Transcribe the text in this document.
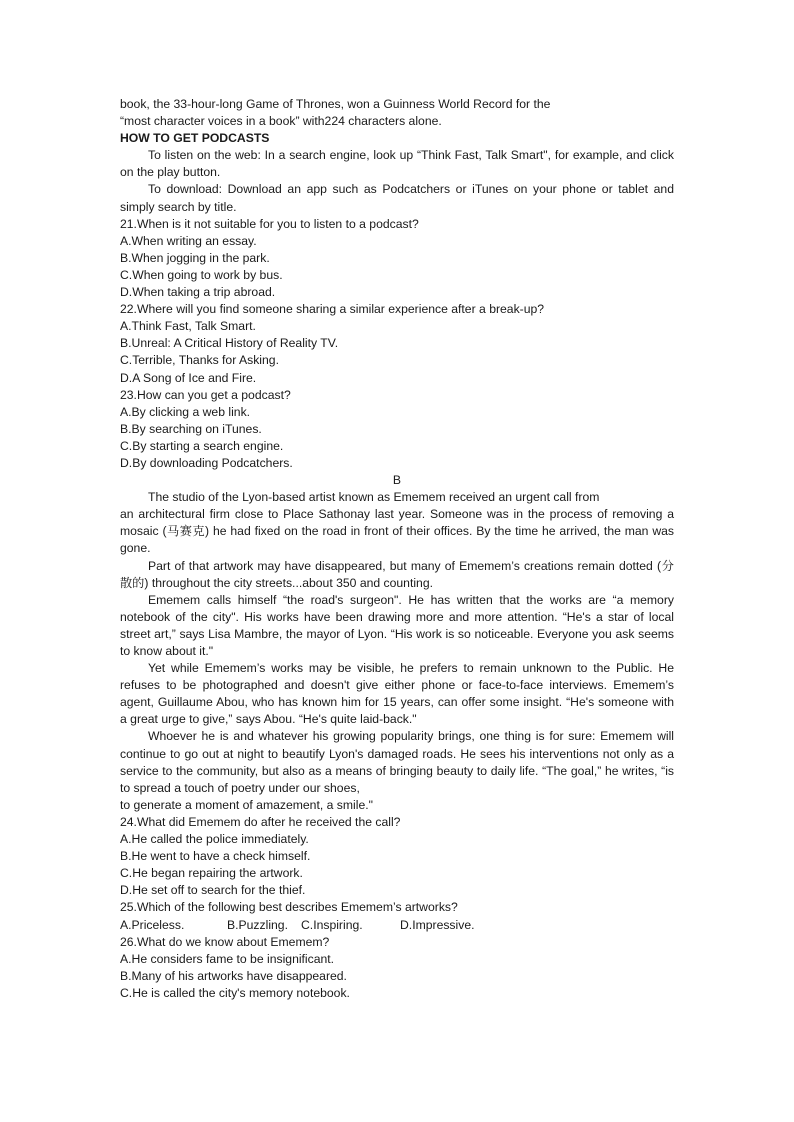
book, the 33-hour-long Game of Thrones, won a Guinness World Record for the
“most character voices in a book” with224 characters alone.
HOW TO GET PODCASTS

To listen on the web: In a search engine, look up “Think Fast, Talk Smart", for example, and click on the play button.

To download: Download an app such as Podcatchers or iTunes on your phone or tablet and simply search by title.

21.When is it not suitable for you to listen to a podcast?
A.When writing an essay.
B.When jogging in the park.
C.When going to work by bus.
D.When taking a trip abroad.
22.Where will you find someone sharing a similar experience after a break-up?
A.Think Fast, Talk Smart.
B.Unreal: A Critical History of Reality TV.
C.Terrible, Thanks for Asking.
D.A Song of Ice and Fire.
23.How can you get a podcast?
A.By clicking a web link.
B.By searching on iTunes.
C.By starting a search engine.
D.By downloading Podcatchers.
B
The studio of the Lyon-based artist known as Ememem received an urgent call from

an architectural firm close to Place Sathonay last year. Someone was in the process of removing a mosaic (马赛克) he had fixed on the road in front of their offices. By the time he arrived, the man was gone.

Part of that artwork may have disappeared, but many of Ememem’s creations remain dotted (分散的) throughout the city streets...about 350 and counting.

Ememem calls himself “the road's surgeon". He has written that the works are “a memory notebook of the city". His works have been drawing more and more attention. “He's a star of local street art,” says Lisa Mambre, the mayor of Lyon. “His work is so noticeable. Everyone you ask seems to know about it."

Yet while Ememem’s works may be visible, he prefers to remain unknown to the Public. He refuses to be photographed and doesn't give either phone or face-to-face interviews. Ememem’s agent, Guillaume Abou, who has known him for 15 years, can offer some insight. “He's someone with a great urge to give,” says Abou. “He's quite laid-back."

Whoever he is and whatever his growing popularity brings, one thing is for sure: Ememem will continue to go out at night to beautify Lyon's damaged roads. He sees his interventions not only as a service to the community, but also as a means of bringing beauty to daily life. “The goal,” he writes, “is to spread a touch of poetry under our shoes,

to generate a moment of amazement, a smile."
24.What did Ememem do after he received the call?
A.He called the police immediately.
B.He went to have a check himself.
C.He began repairing the artwork.
D.He set off to search for the thief.
25.Which of the following best describes Ememem’s artworks?
A.Priceless.	B.Puzzling.	C.Inspiring.	D.Impressive.
26.What do we know about Ememem?
A.He considers fame to be insignificant.
B.Many of his artworks have disappeared.
C.He is called the city's memory notebook.
